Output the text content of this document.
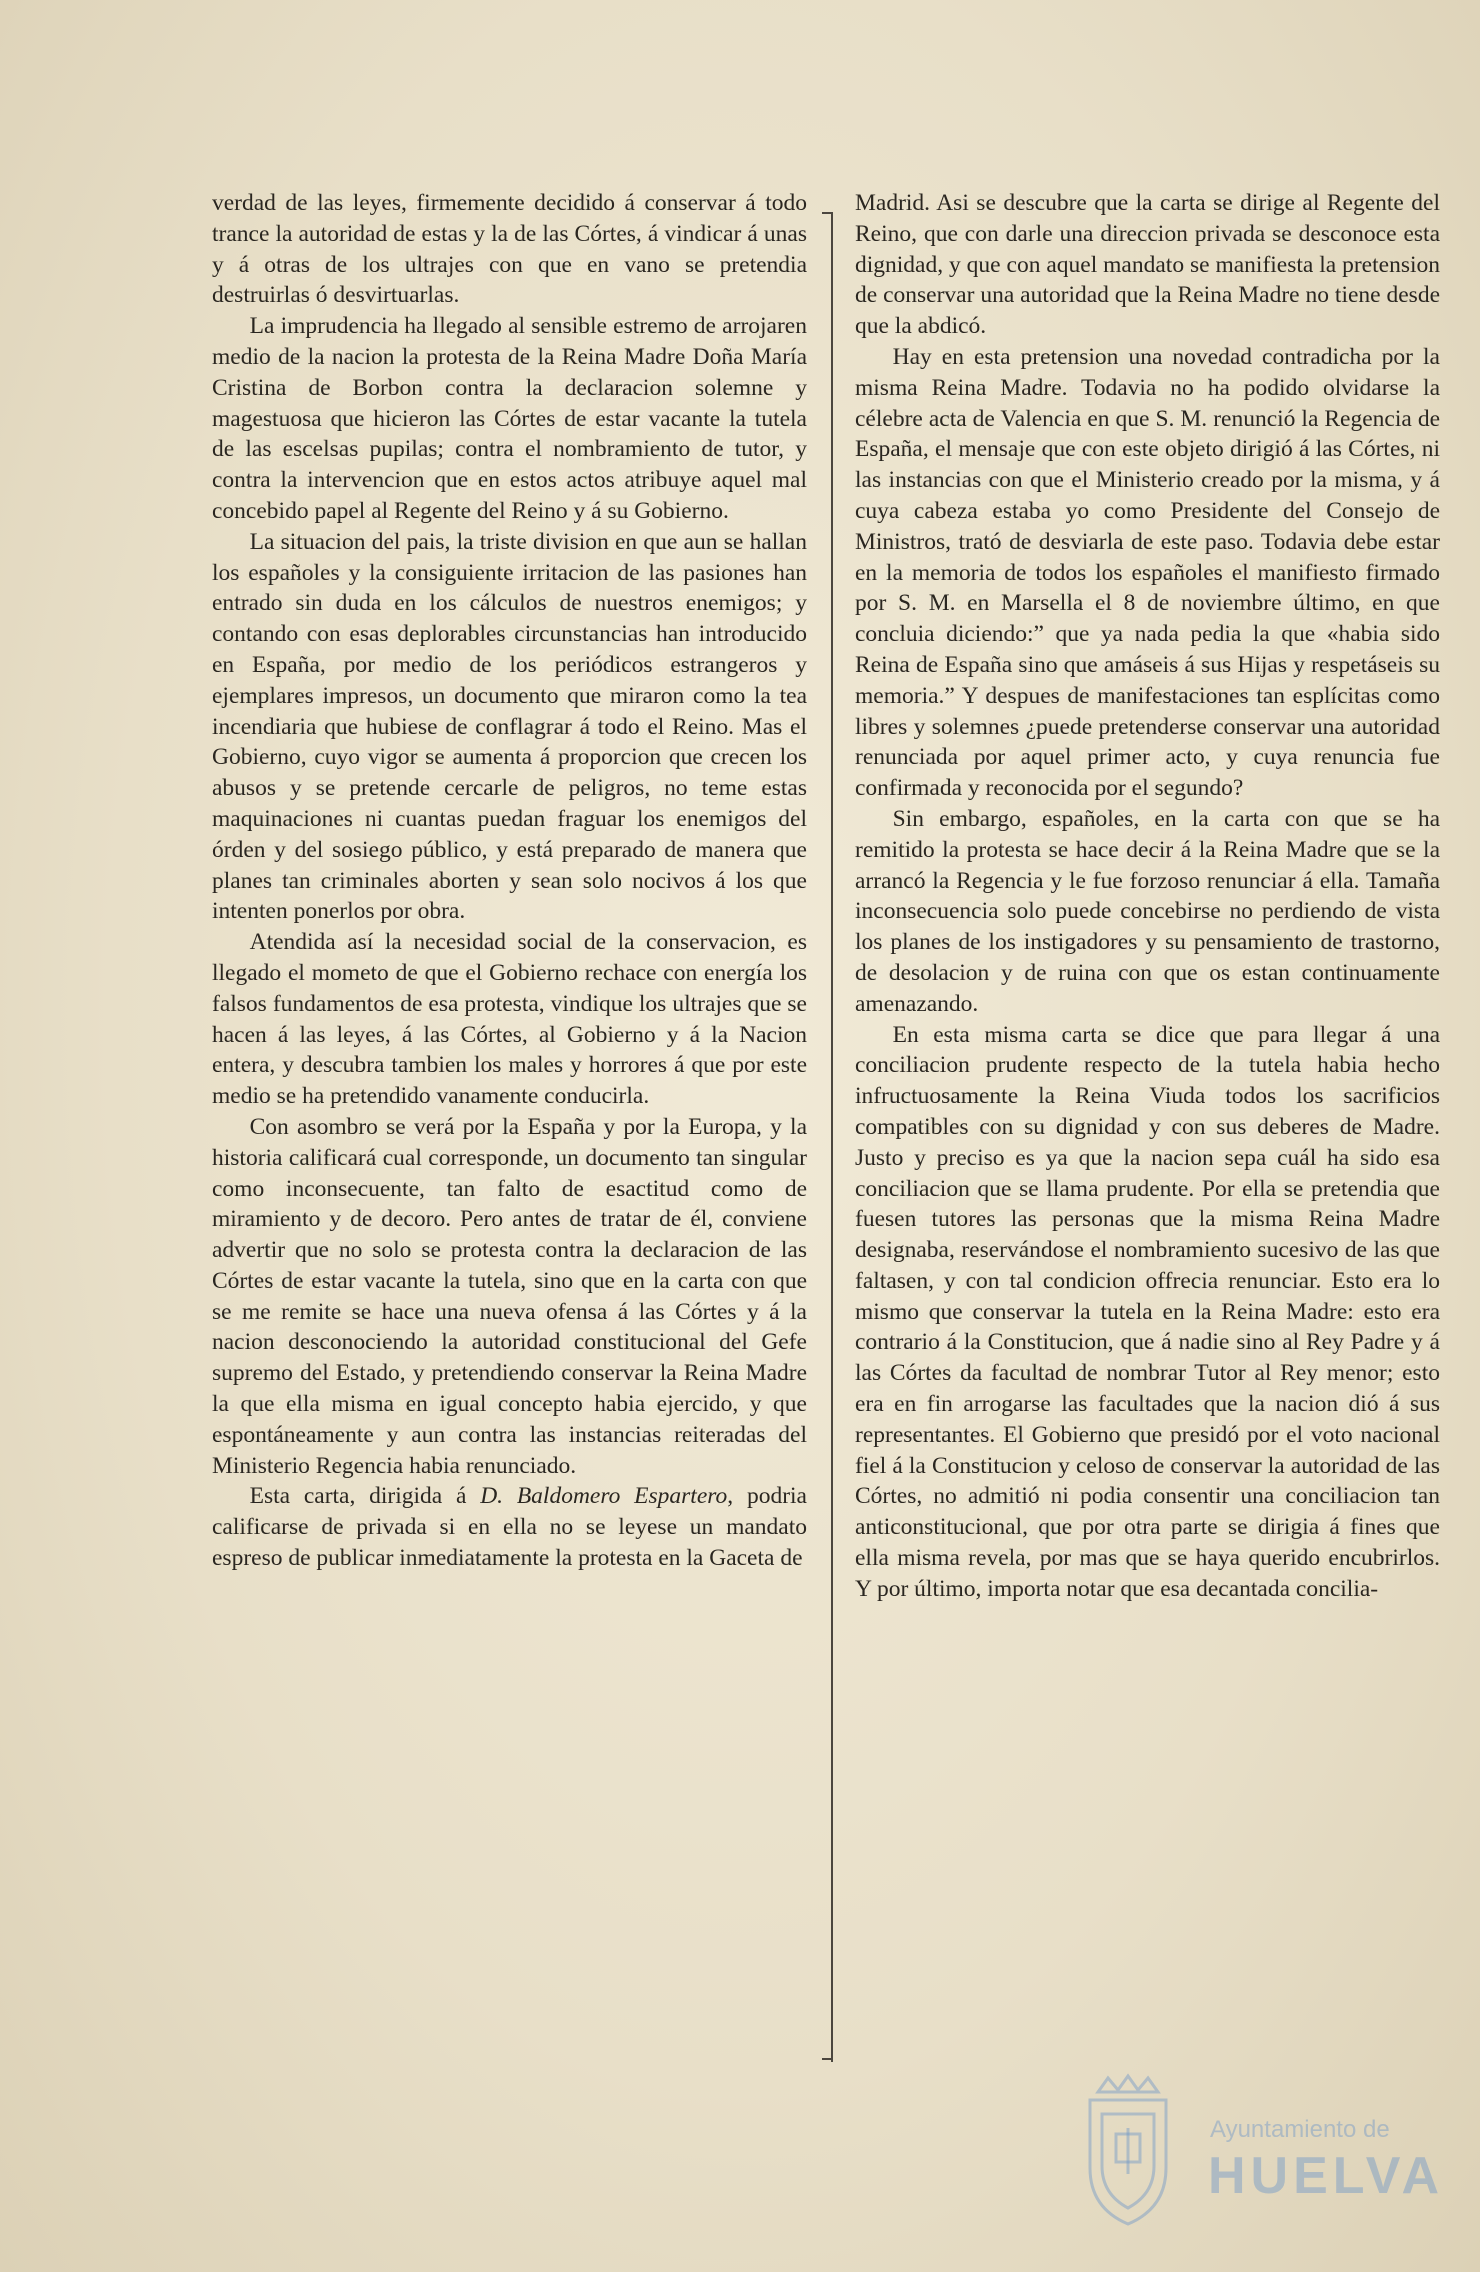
verdad de las leyes, firmemente decidido á conservar á todo trance la autoridad de estas y la de las Córtes, á vindicar á unas y á otras de los ultrajes con que en vano se pretendia destruirlas ó desvirtuarlas.

La imprudencia ha llegado al sensible estremo de arrojaren medio de la nacion la protesta de la Reina Madre Doña María Cristina de Borbon contra la declaracion solemne y magestuosa que hicieron las Córtes de estar vacante la tutela de las escelsas pupilas; contra el nombramiento de tutor, y contra la intervencion que en estos actos atribuye aquel mal concebido papel al Regente del Reino y á su Gobierno.

La situacion del pais, la triste division en que aun se hallan los españoles y la consiguiente irritacion de las pasiones han entrado sin duda en los cálculos de nuestros enemigos; y contando con esas deplorables circunstancias han introducido en España, por medio de los periódicos estrangeros y ejemplares impresos, un documento que miraron como la tea incendiaria que hubiese de conflagrar á todo el Reino. Mas el Gobierno, cuyo vigor se aumenta á proporcion que crecen los abusos y se pretende cercarle de peligros, no teme estas maquinaciones ni cuantas puedan fraguar los enemigos del órden y del sosiego público, y está preparado de manera que planes tan criminales aborten y sean solo nocivos á los que intenten ponerlos por obra.

Atendida así la necesidad social de la conservacion, es llegado el mometo de que el Gobierno rechace con energía los falsos fundamentos de esa protesta, vindique los ultrajes que se hacen á las leyes, á las Córtes, al Gobierno y á la Nacion entera, y descubra tambien los males y horrores á que por este medio se ha pretendido vanamente conducirla.

Con asombro se verá por la España y por la Europa, y la historia calificará cual corresponde, un documento tan singular como inconsecuente, tan falto de esactitud como de miramiento y de decoro. Pero antes de tratar de él, conviene advertir que no solo se protesta contra la declaracion de las Córtes de estar vacante la tutela, sino que en la carta con que se me remite se hace una nueva ofensa á las Córtes y á la nacion desconociendo la autoridad constitucional del Gefe supremo del Estado, y pretendiendo conservar la Reina Madre la que ella misma en igual concepto habia ejercido, y que espontáneamente y aun contra las instancias reiteradas del Ministerio Regencia habia renunciado.

Esta carta, dirigida á D. Baldomero Espartero, podria calificarse de privada si en ella no se leyese un mandato espreso de publicar inmediatamente la protesta en la Gaceta de

Madrid. Asi se descubre que la carta se dirige al Regente del Reino, que con darle una direccion privada se desconoce esta dignidad, y que con aquel mandato se manifiesta la pretension de conservar una autoridad que la Reina Madre no tiene desde que la abdicó.

Hay en esta pretension una novedad contradicha por la misma Reina Madre. Todavia no ha podido olvidarse la célebre acta de Valencia en que S. M. renunció la Regencia de España, el mensaje que con este objeto dirigió á las Córtes, ni las instancias con que el Ministerio creado por la misma, y á cuya cabeza estaba yo como Presidente del Consejo de Ministros, trató de desviarla de este paso. Todavia debe estar en la memoria de todos los españoles el manifiesto firmado por S. M. en Marsella el 8 de noviembre último, en que concluia diciendo:” que ya nada pedia la que «habia sido Reina de España sino que amáseis á sus Hijas y respetáseis su memoria.” Y despues de manifestaciones tan esplícitas como libres y solemnes ¿puede pretenderse conservar una autoridad renunciada por aquel primer acto, y cuya renuncia fue confirmada y reconocida por el segundo?

Sin embargo, españoles, en la carta con que se ha remitido la protesta se hace decir á la Reina Madre que se la arrancó la Regencia y le fue forzoso renunciar á ella. Tamaña inconsecuencia solo puede concebirse no perdiendo de vista los planes de los instigadores y su pensamiento de trastorno, de desolacion y de ruina con que os estan continuamente amenazando.

En esta misma carta se dice que para llegar á una conciliacion prudente respecto de la tutela habia hecho infructuosamente la Reina Viuda todos los sacrificios compatibles con su dignidad y con sus deberes de Madre. Justo y preciso es ya que la nacion sepa cuál ha sido esa conciliacion que se llama prudente. Por ella se pretendia que fuesen tutores las personas que la misma Reina Madre designaba, reservándose el nombramiento sucesivo de las que faltasen, y con tal condicion offrecia renunciar. Esto era lo mismo que conservar la tutela en la Reina Madre: esto era contrario á la Constitucion, que á nadie sino al Rey Padre y á las Córtes da facultad de nombrar Tutor al Rey menor; esto era en fin arrogarse las facultades que la nacion dió á sus representantes. El Gobierno que presidó por el voto nacional fiel á la Constitucion y celoso de conservar la autoridad de las Córtes, no admitió ni podia consentir una conciliacion tan anticonstitucional, que por otra parte se dirigia á fines que ella misma revela, por mas que se haya querido encubrirlos. Y por último, importa notar que esa decantada concilia-

Ayuntamiento de
HUELVA
